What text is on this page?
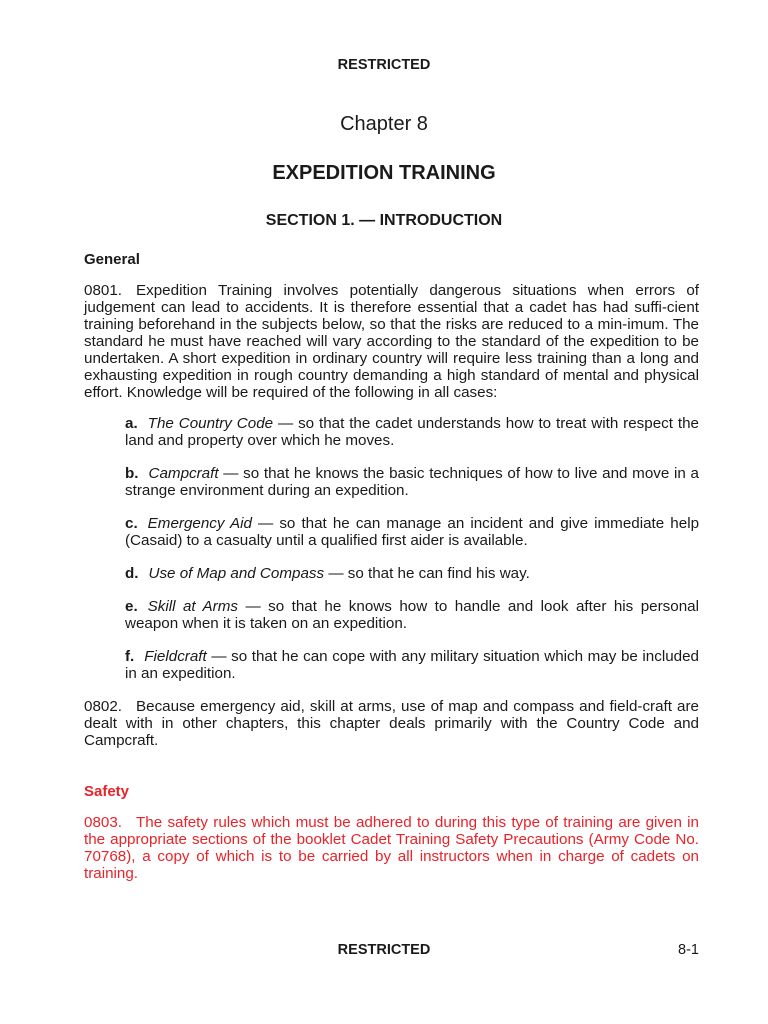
RESTRICTED
Chapter 8
EXPEDITION TRAINING
SECTION 1. — INTRODUCTION
General

0801. Expedition Training involves potentially dangerous situations when errors of judgement can lead to accidents. It is therefore essential that a cadet has had suffi-cient training beforehand in the subjects below, so that the risks are reduced to a min-imum. The standard he must have reached will vary according to the standard of the expedition to be undertaken. A short expedition in ordinary country will require less training than a long and exhausting expedition in rough country demanding a high standard of mental and physical effort. Knowledge will be required of the following in all cases:

a. The Country Code — so that the cadet understands how to treat with respect the land and property over which he moves.
b. Campcraft — so that he knows the basic techniques of how to live and move in a strange environment during an expedition.
c. Emergency Aid — so that he can manage an incident and give immediate help (Casaid) to a casualty until a qualified first aider is available.
d. Use of Map and Compass — so that he can find his way.
e. Skill at Arms — so that he knows how to handle and look after his personal weapon when it is taken on an expedition.
f. Fieldcraft — so that he can cope with any military situation which may be included in an expedition.

0802. Because emergency aid, skill at arms, use of map and compass and field-craft are dealt with in other chapters, this chapter deals primarily with the Country Code and Campcraft.

Safety

0803. The safety rules which must be adhered to during this type of training are given in the appropriate sections of the booklet Cadet Training Safety Precautions (Army Code No. 70768), a copy of which is to be carried by all instructors when in charge of cadets on training.

RESTRICTED	8-1
